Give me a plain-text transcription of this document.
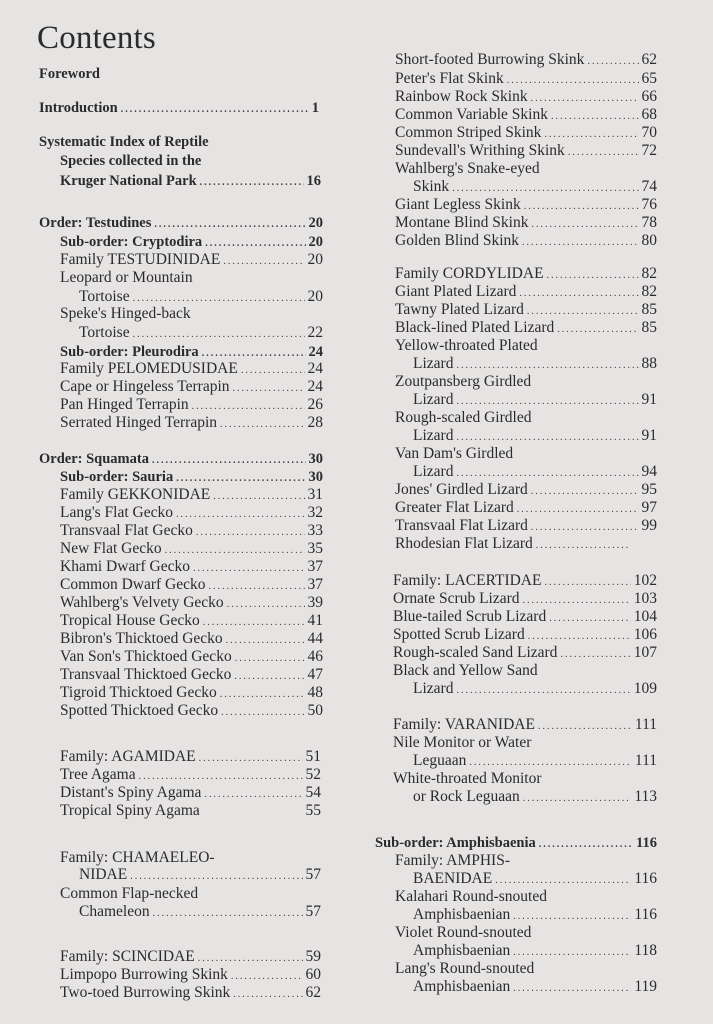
Contents
Foreword
Introduction .....	1
Systematic Index of Reptile
Species collected in the
Kruger National Park .....	16
Order: Testudines .....	20
Sub-order: Cryptodira .....	20
Family TESTUDINIDAE .....	20
Leopard or Mountain
Tortoise .....	20
Speke's Hinged-back
Tortoise .....	22
Sub-order: Pleurodira .....	24
Family PELOMEDUSIDAE .....	24
Cape or Hingeless Terrapin .....	24
Pan Hinged Terrapin .....	26
Serrated Hinged Terrapin .....	28
Order: Squamata .....	30
Sub-order: Sauria .....	30
Family GEKKONIDAE .....	31
Lang's Flat Gecko .....	32
Transvaal Flat Gecko .....	33
New Flat Gecko .....	35
Khami Dwarf Gecko .....	37
Common Dwarf Gecko .....	37
Wahlberg's Velvety Gecko .....	39
Tropical House Gecko .....	41
Bibron's Thicktoed Gecko .....	44
Van Son's Thicktoed Gecko .....	46
Transvaal Thicktoed Gecko .....	47
Tigroid Thicktoed Gecko .....	48
Spotted Thicktoed Gecko .....	50
Family: AGAMIDAE .....	51
Tree Agama .....	52
Distant's Spiny Agama .....	54
Tropical Spiny Agama	55
Family: CHAMAELEO-
NIDAE .....	57
Common Flap-necked
Chameleon .....	57
Family: SCINCIDAE .....	59
Limpopo Burrowing Skink .....	60
Two-toed Burrowing Skink .....	62
Short-footed Burrowing Skink .....	62
Peter's Flat Skink .....	65
Rainbow Rock Skink .....	66
Common Variable Skink .....	68
Common Striped Skink .....	70
Sundevall's Writhing Skink .....	72
Wahlberg's Snake-eyed
Skink .....	74
Giant Legless Skink .....	76
Montane Blind Skink .....	78
Golden Blind Skink .....	80
Family CORDYLIDAE .....	82
Giant Plated Lizard .....	82
Tawny Plated Lizard .....	85
Black-lined Plated Lizard .....	85
Yellow-throated Plated
Lizard .....	88
Zoutpansberg Girdled
Lizard .....	91
Rough-scaled Girdled
Lizard .....	91
Van Dam's Girdled
Lizard .....	94
Jones' Girdled Lizard .....	95
Greater Flat Lizard .....	97
Transvaal Flat Lizard .....	99
Rhodesian Flat Lizard
.....
Family: LACERTIDAE .....	102
Ornate Scrub Lizard .....	103
Blue-tailed Scrub Lizard .....	104
Spotted Scrub Lizard .....	106
Rough-scaled Sand Lizard .....	107
Black and Yellow Sand
Lizard .....	109
Family: VARANIDAE .....	111
Nile Monitor or Water
Leguaan .....	111
White-throated Monitor
or Rock Leguaan .....	113
Sub-order: Amphisbaenia .....	116
Family: AMPHIS-
BAENIDAE .....	116
Kalahari Round-snouted
Amphisbaenian .....	116
Violet Round-snouted
Amphisbaenian .....	118
Lang's Round-snouted
Amphisbaenian .....	119
